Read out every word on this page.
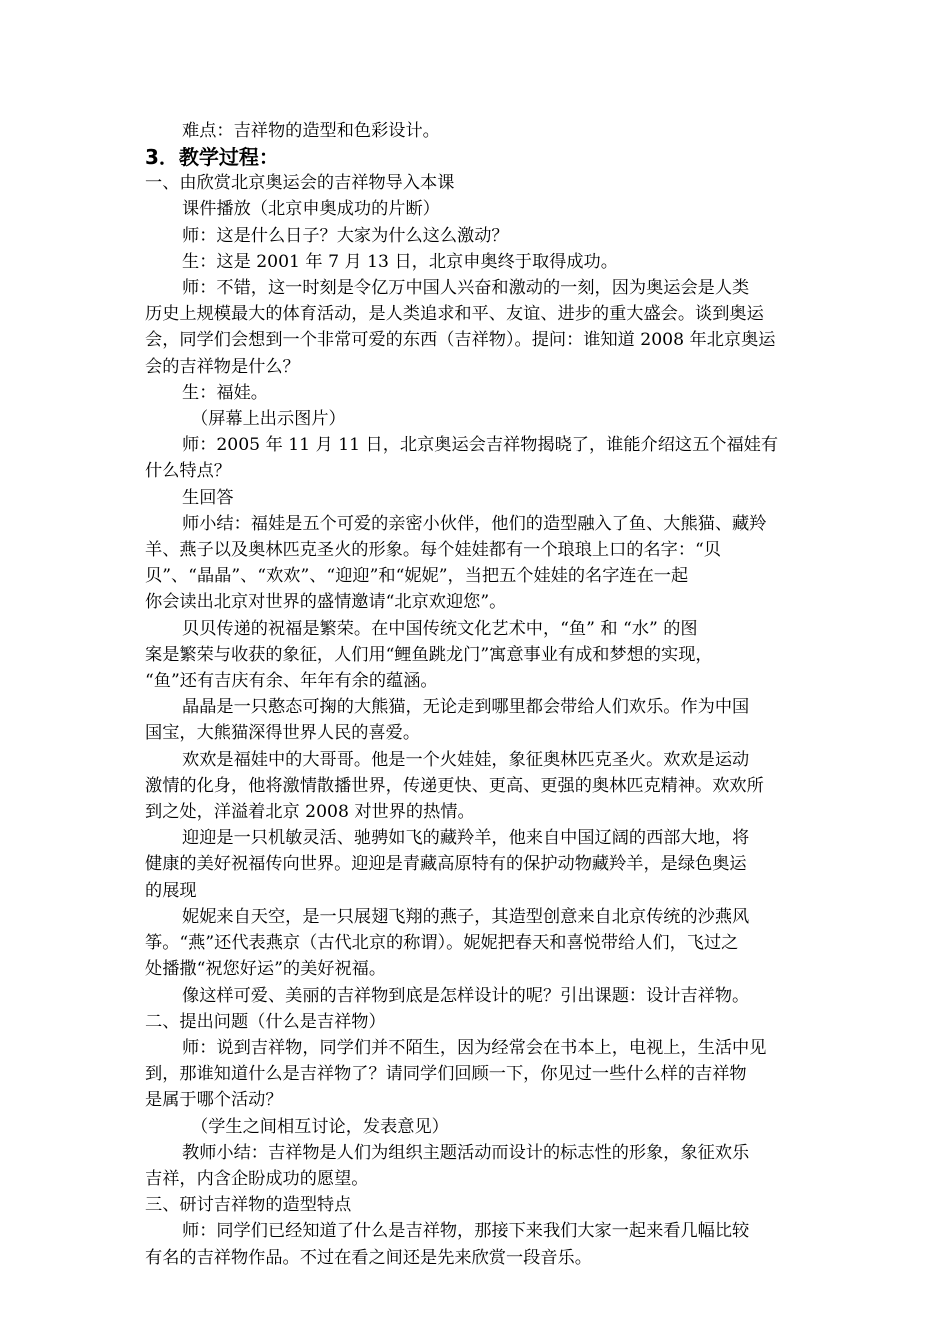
难点：吉祥物的造型和色彩设计。
3．教学过程：
一、由欣赏北京奥运会的吉祥物导入本课
课件播放（北京申奥成功的片断）
师：这是什么日子？大家为什么这么激动？
生：这是 2001 年 7 月 13 日，北京申奥终于取得成功。
师：不错，这一时刻是令亿万中国人兴奋和激动的一刻，因为奥运会是人类
历史上规模最大的体育活动，是人类追求和平、友谊、进步的重大盛会。谈到奥运
会，同学们会想到一个非常可爱的东西（吉祥物）。提问：谁知道 2008 年北京奥运
会的吉祥物是什么？
生：福娃。
（屏幕上出示图片）
师：2005 年 11 月 11 日，北京奥运会吉祥物揭晓了，谁能介绍这五个福娃有
什么特点？
生回答
师小结：福娃是五个可爱的亲密小伙伴，他们的造型融入了鱼、大熊猫、藏羚
羊、燕子以及奥林匹克圣火的形象。每个娃娃都有一个琅琅上口的名字：“贝
贝”、“晶晶”、“欢欢”、“迎迎”和“妮妮”，当把五个娃娃的名字连在一起
你会读出北京对世界的盛情邀请“北京欢迎您”。
贝贝传递的祝福是繁荣。在中国传统文化艺术中，“鱼” 和 “水” 的图
案是繁荣与收获的象征，人们用“鲤鱼跳龙门”寓意事业有成和梦想的实现，
“鱼”还有吉庆有余、年年有余的蕴涵。
晶晶是一只憨态可掬的大熊猫，无论走到哪里都会带给人们欢乐。作为中国
国宝，大熊猫深得世界人民的喜爱。
欢欢是福娃中的大哥哥。他是一个火娃娃，象征奥林匹克圣火。欢欢是运动
激情的化身，他将激情散播世界，传递更快、更高、更强的奥林匹克精神。欢欢所
到之处，洋溢着北京 2008 对世界的热情。
迎迎是一只机敏灵活、驰骋如飞的藏羚羊，他来自中国辽阔的西部大地，将
健康的美好祝福传向世界。迎迎是青藏高原特有的保护动物藏羚羊，是绿色奥运
的展现
妮妮来自天空，是一只展翅飞翔的燕子，其造型创意来自北京传统的沙燕风
筝。“燕”还代表燕京（古代北京的称谓）。妮妮把春天和喜悦带给人们，飞过之
处播撒“祝您好运”的美好祝福。
像这样可爱、美丽的吉祥物到底是怎样设计的呢？引出课题：设计吉祥物。
二、提出问题（什么是吉祥物）
师：说到吉祥物，同学们并不陌生，因为经常会在书本上，电视上，生活中见
到，那谁知道什么是吉祥物了？请同学们回顾一下，你见过一些什么样的吉祥物
是属于哪个活动？
（学生之间相互讨论，发表意见）
教师小结：吉祥物是人们为组织主题活动而设计的标志性的形象，象征欢乐
吉祥，内含企盼成功的愿望。
三、研讨吉祥物的造型特点
师：同学们已经知道了什么是吉祥物，那接下来我们大家一起来看几幅比较
有名的吉祥物作品。不过在看之间还是先来欣赏一段音乐。
